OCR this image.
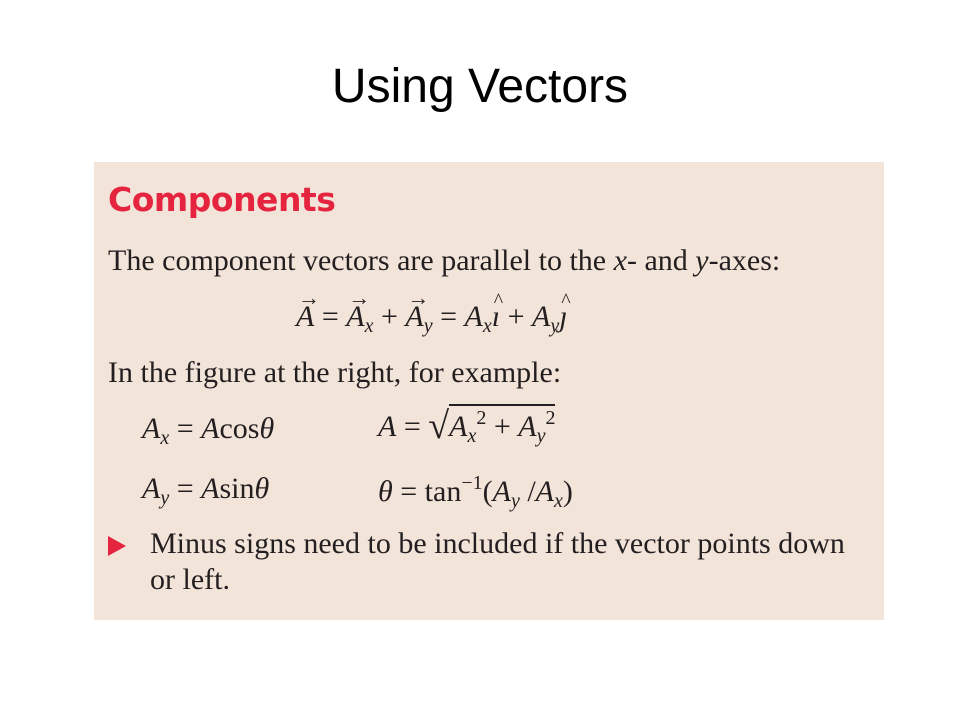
Using Vectors
Components
The component vectors are parallel to the x- and y-axes:
→ A = → $A_x$ + → $A_y$ = $A_x\^{}$ ı + $A_y\^{}$ ȷ
In the figure at the right, for example:
$A_x = Acos\theta$	$A = √A_x^2 + A_y^2$
$A_y = Asin\theta$	$\theta = \tan^{-1}(A_y$ $/A_x$)
Minus signs need to be included if the vector points down or left.
